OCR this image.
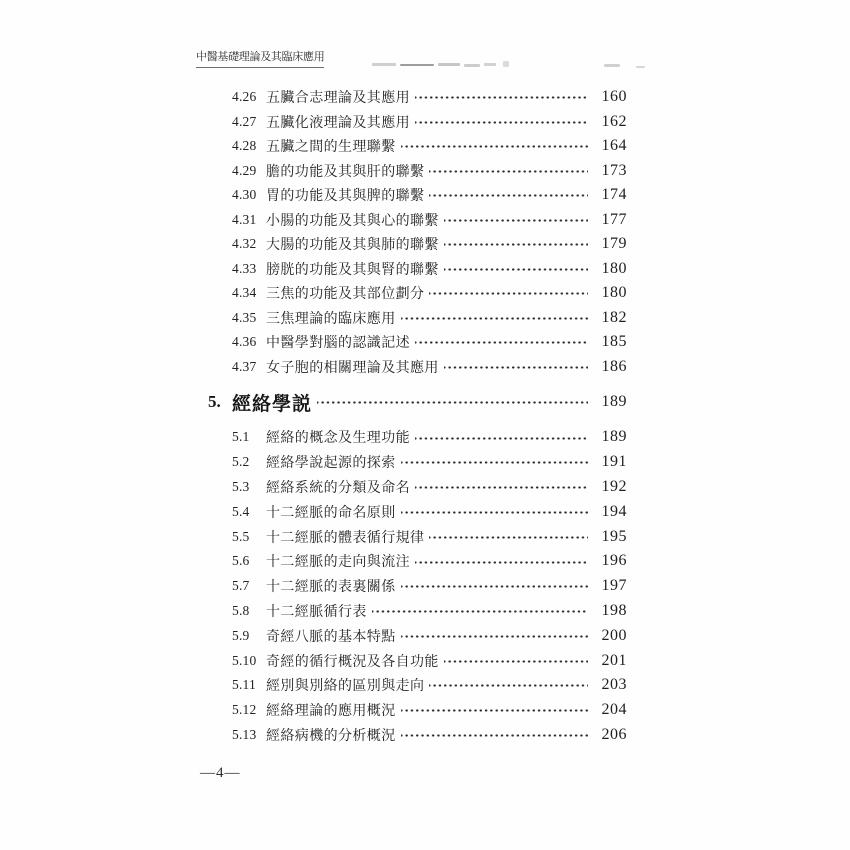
中醫基礎理論及其臨床應用
4.26 五臟合志理論及其應用	160
4.27 五臟化液理論及其應用	162
4.28 五臟之間的生理聯繫	164
4.29 膽的功能及其與肝的聯繫	173
4.30 胃的功能及其與脾的聯繫	174
4.31 小腸的功能及其與心的聯繫	177
4.32 大腸的功能及其與肺的聯繫	179
4.33 膀胱的功能及其與腎的聯繫	180
4.34 三焦的功能及其部位劃分	180
4.35 三焦理論的臨床應用	182
4.36 中醫學對腦的認識記述	185
4.37 女子胞的相關理論及其應用	186
5. 經絡學説	189
5.1	經絡的概念及生理功能	189
5.2	經絡學說起源的探索	191
5.3	經絡系統的分類及命名	192
5.4	十二經脈的命名原則	194
5.5	十二經脈的體表循行規律	195
5.6	十二經脈的走向與流注	196
5.7	十二經脈的表裏關係	197
5.8	十二經脈循行表	198
5.9	奇經八脈的基本特點	200
5.10 奇經的循行概況及各自功能	201
5.11 經別與別絡的區別與走向	203
5.12 經絡理論的應用概況	204
5.13 經絡病機的分析概況	206
—4—
